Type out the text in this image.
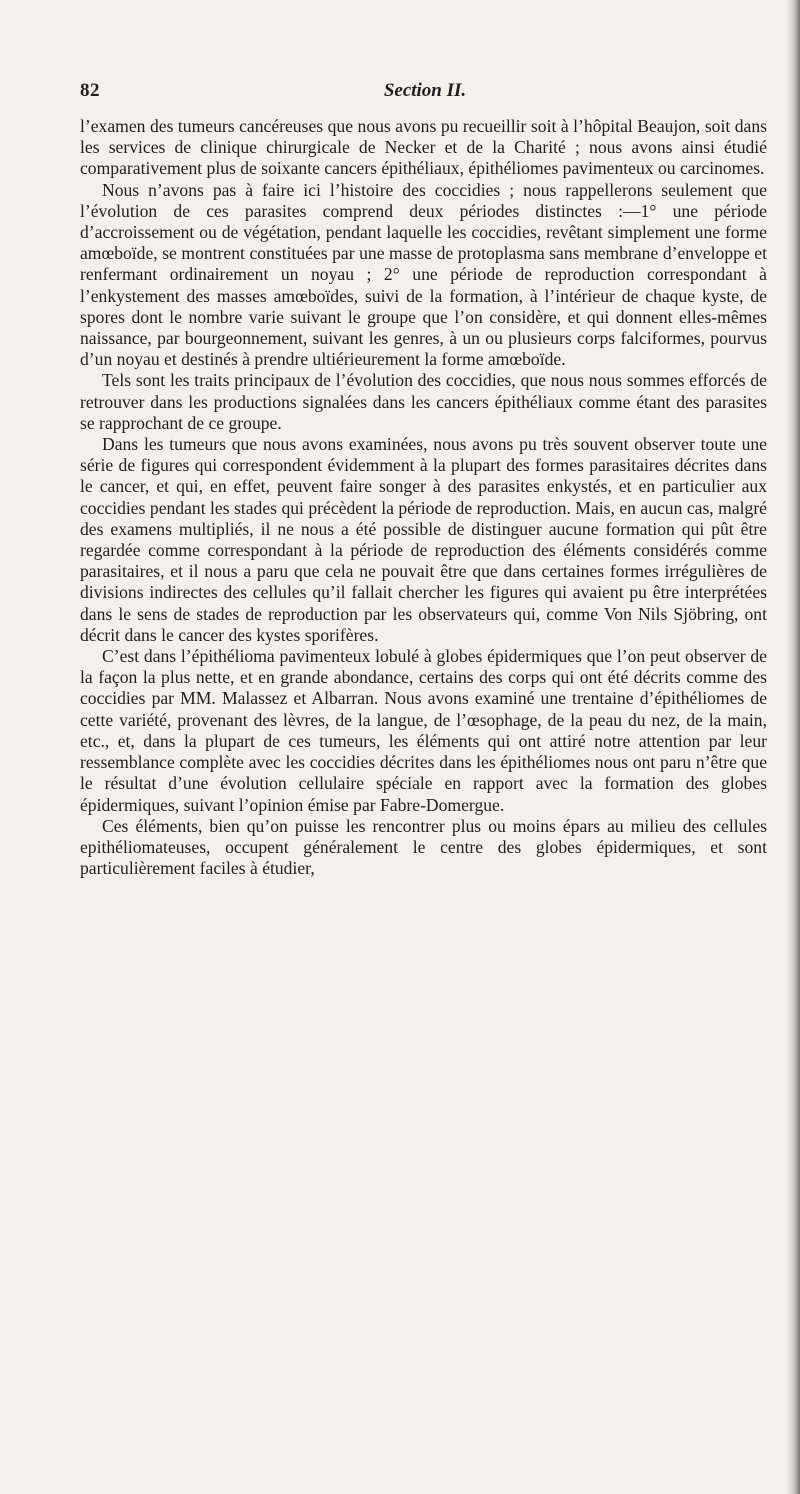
82	Section II.

l’examen des tumeurs cancéreuses que nous avons pu recueillir soit à l’hôpital Beaujon, soit dans les services de clinique chirurgicale de Necker et de la Charité ; nous avons ainsi étudié comparativement plus de soixante cancers épithéliaux, épithéliomes pavimenteux ou carcinomes.

Nous n’avons pas à faire ici l’histoire des coccidies ; nous rappellerons seulement que l’évolution de ces parasites comprend deux périodes distinctes :—1° une période d’accroissement ou de végétation, pendant laquelle les coccidies, revêtant simplement une forme amœboïde, se montrent constituées par une masse de protoplasma sans membrane d’enveloppe et renfermant ordinairement un noyau ; 2° une période de reproduction correspondant à l’enkystement des masses amœboïdes, suivi de la formation, à l’intérieur de chaque kyste, de spores dont le nombre varie suivant le groupe que l’on considère, et qui donnent elles-mêmes naissance, par bourgeonnement, suivant les genres, à un ou plusieurs corps falciformes, pourvus d’un noyau et destinés à prendre ultiérieurement la forme amœboïde.

Tels sont les traits principaux de l’évolution des coccidies, que nous nous sommes efforcés de retrouver dans les productions signalées dans les cancers épithéliaux comme étant des parasites se rapprochant de ce groupe.

Dans les tumeurs que nous avons examinées, nous avons pu très souvent observer toute une série de figures qui correspondent évidemment à la plupart des formes parasitaires décrites dans le cancer, et qui, en effet, peuvent faire songer à des parasites enkystés, et en particulier aux coccidies pendant les stades qui précèdent la période de reproduction. Mais, en aucun cas, malgré des examens multipliés, il ne nous a été possible de distinguer aucune formation qui pût être regardée comme correspondant à la période de reproduction des éléments considérés comme parasitaires, et il nous a paru que cela ne pouvait être que dans certaines formes irrégulières de divisions indirectes des cellules qu’il fallait chercher les figures qui avaient pu être interprétées dans le sens de stades de reproduction par les observateurs qui, comme Von Nils Sjöbring, ont décrit dans le cancer des kystes sporifères.

C’est dans l’épithélioma pavimenteux lobulé à globes épidermiques que l’on peut observer de la façon la plus nette, et en grande abondance, certains des corps qui ont été décrits comme des coccidies par MM. Malassez et Albarran. Nous avons examiné une trentaine d’épithéliomes de cette variété, provenant des lèvres, de la langue, de l’œsophage, de la peau du nez, de la main, etc., et, dans la plupart de ces tumeurs, les éléments qui ont attiré notre attention par leur ressemblance complète avec les coccidies décrites dans les épithéliomes nous ont paru n’être que le résultat d’une évolution cellulaire spéciale en rapport avec la formation des globes épidermiques, suivant l’opinion émise par Fabre-Domergue.

Ces éléments, bien qu’on puisse les rencontrer plus ou moins épars au milieu des cellules epithéliomateuses, occupent généralement le centre des globes épidermiques, et sont particulièrement faciles à étudier,
